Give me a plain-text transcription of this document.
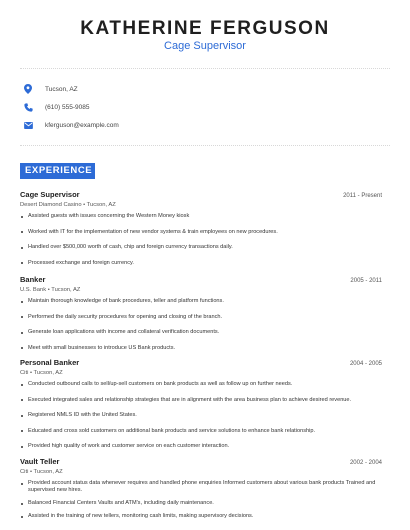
KATHERINE FERGUSON
Cage Supervisor
Tucson, AZ
(610) 555-9085
kferguson@example.com
EXPERIENCE
Cage Supervisor	2011 - Present
Desert Diamond Casino • Tucson, AZ
Assisted guests with issues concerning the Western Money kiosk
Worked with IT for the implementation of new vendor systems & train employees on new procedures.
Handled over $500,000 worth of cash, chip and foreign currency transactions daily.
Processed exchange and foreign currency.
Banker	2005 - 2011
U.S. Bank • Tucson, AZ
Maintain thorough knowledge of bank procedures, teller and platform functions.
Performed the daily security procedures for opening and closing of the branch.
Generate loan applications with income and collateral verification documents.
Meet with small businesses to introduce US Bank products.
Personal Banker	2004 - 2005
Citi • Tucson, AZ
Conducted outbound calls to sell/up-sell customers on bank products as well as follow up on further needs.
Executed integrated sales and relationship strategies that are in alignment with the area business plan to achieve desired revenue.
Registered NMLS ID with the United States.
Educated and cross sold customers on additional bank products and service solutions to enhance bank relationship.
Provided high quality of work and customer service on each customer interaction.
Vault Teller	2002 - 2004
Citi • Tucson, AZ
Provided account status data whenever requires and handled phone enquiries Informed customers about various bank products Trained and supervised new hires.
Balanced Financial Centers Vaults and ATM's, including daily maintenance.
Assisted in the training of new tellers, monitoring cash limits, making supervisory decisions.
